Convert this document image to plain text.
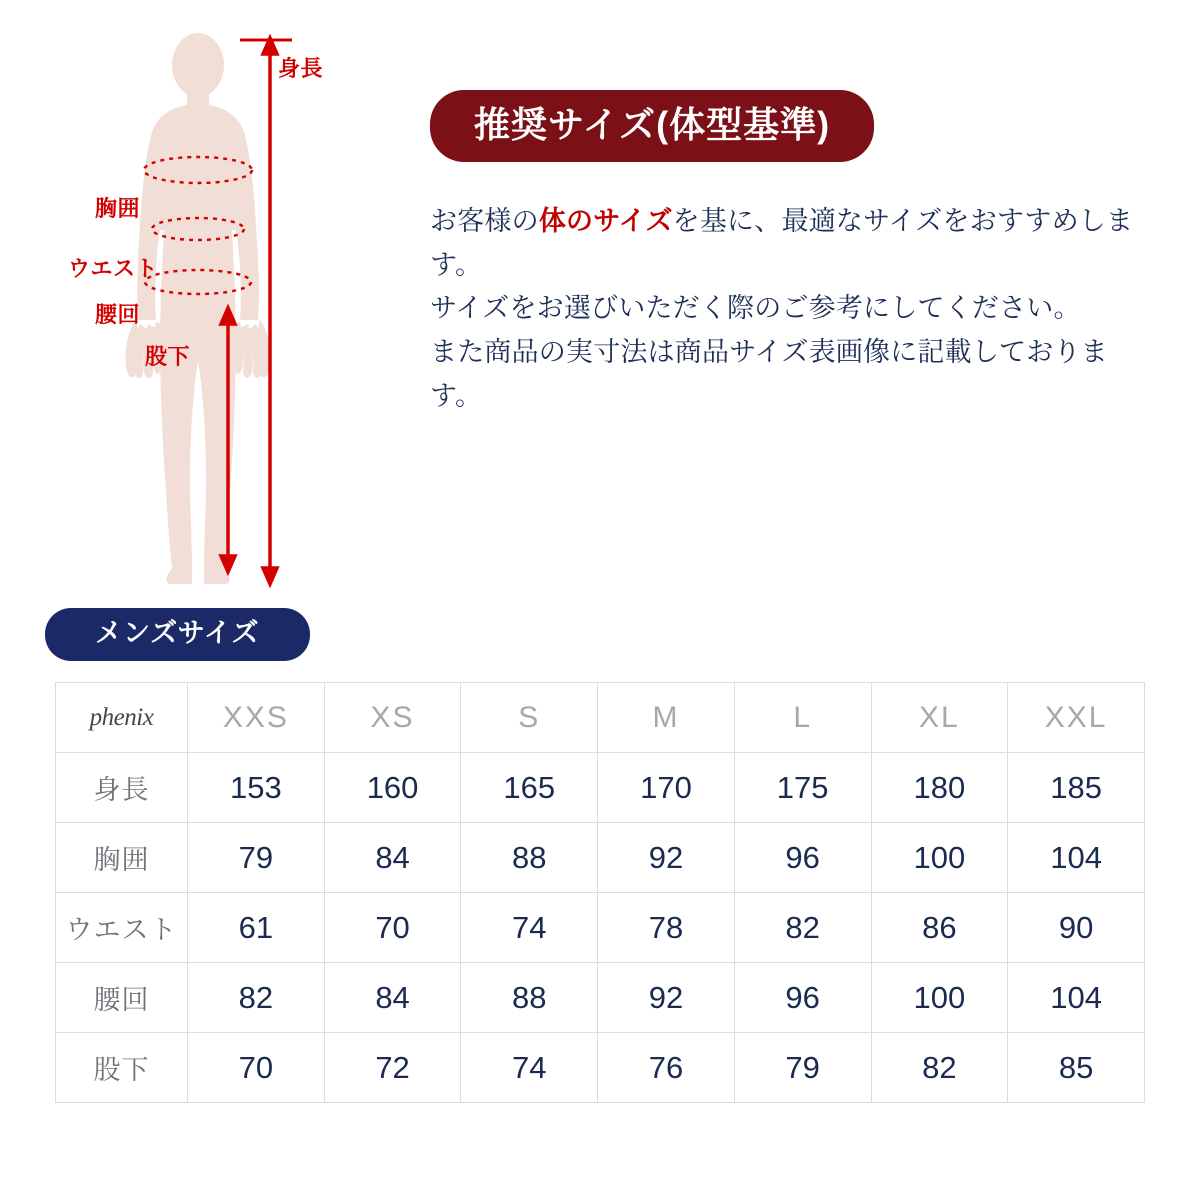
身長
胸囲
ウエスト
腰回
股下
推奨サイズ(体型基準)
お客様の体のサイズを基に、最適なサイズをおすすめします。
サイズをお選びいただく際のご参考にしてください。
また商品の実寸法は商品サイズ表画像に記載しております。
メンズサイズ
phenix	XXS	XS	S	M	L	XL	XXL
身長	153	160	165	170	175	180	185
胸囲	79	84	88	92	96	100	104
ウエスト	61	70	74	78	82	86	90
腰回	82	84	88	92	96	100	104
股下	70	72	74	76	79	82	85
